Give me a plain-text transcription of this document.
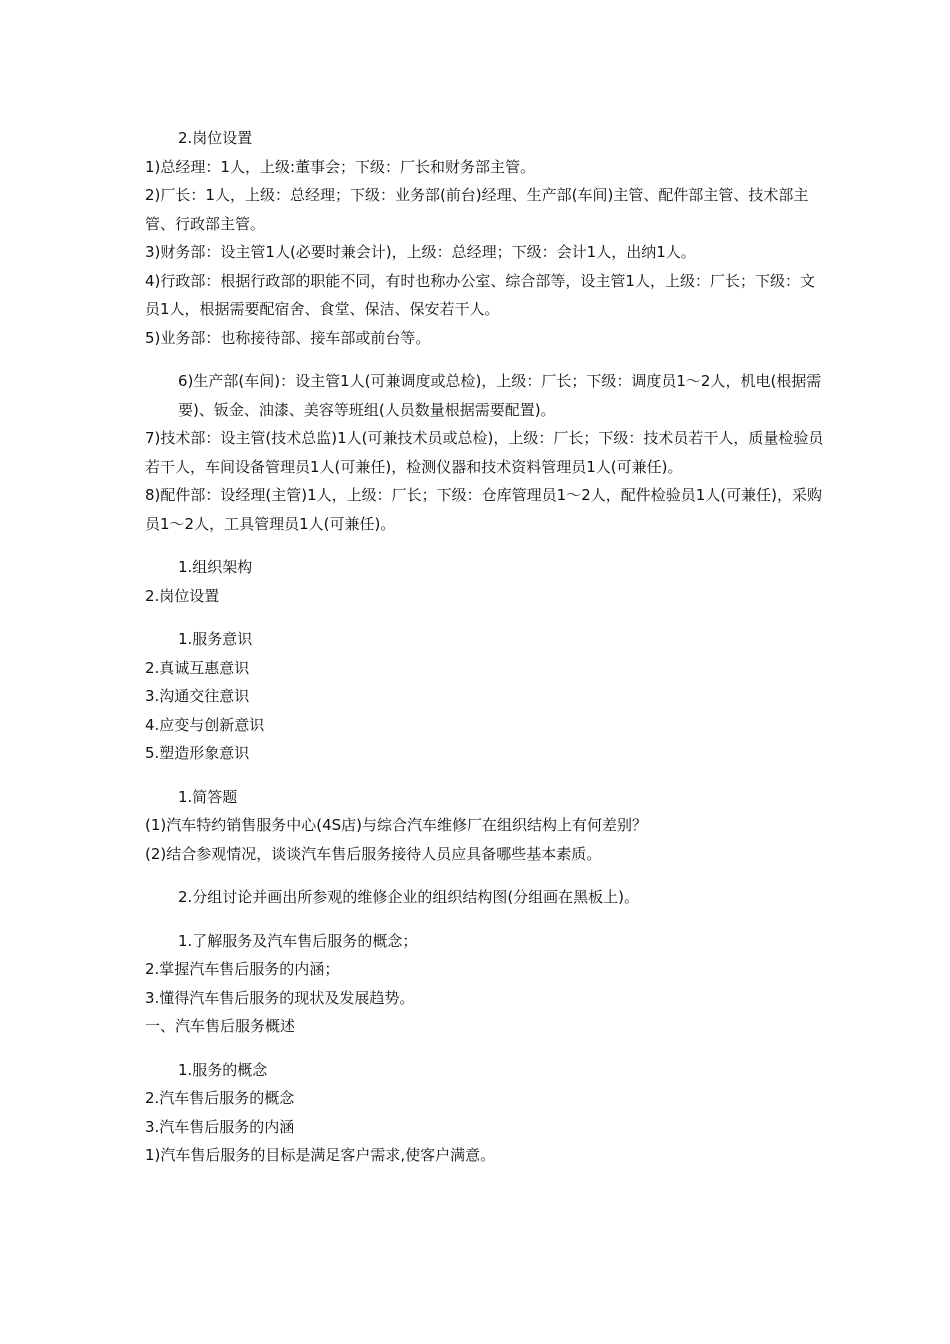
2.岗位设置

1)总经理：1人，上级:董事会；下级：厂长和财务部主管。

2)厂长：1人，上级：总经理；下级：业务部(前台)经理、生产部(车间)主管、配件部主管、技术部主管、行政部主管。

3)财务部：设主管1人(必要时兼会计)，上级：总经理；下级：会计1人，出纳1人。

4)行政部：根据行政部的职能不同，有时也称办公室、综合部等，设主管1人，上级：厂长；下级：文员1人，根据需要配宿舍、食堂、保洁、保安若干人。

5)业务部：也称接待部、接车部或前台等。

6)生产部(车间)：设主管1人(可兼调度或总检)，上级：厂长；下级：调度员1～2人，机电(根据需要)、钣金、油漆、美容等班组(人员数量根据需要配置)。

7)技术部：设主管(技术总监)1人(可兼技术员或总检)，上级：厂长；下级：技术员若干人，质量检验员若干人，车间设备管理员1人(可兼任)，检测仪器和技术资料管理员1人(可兼任)。

8)配件部：设经理(主管)1人，上级：厂长；下级：仓库管理员1～2人，配件检验员1人(可兼任)，采购员1～2人，工具管理员1人(可兼任)。

1.组织架构

2.岗位设置

1.服务意识

2.真诚互惠意识

3.沟通交往意识

4.应变与创新意识

5.塑造形象意识

1.简答题

(1)汽车特约销售服务中心(4S店)与综合汽车维修厂在组织结构上有何差别？

(2)结合参观情况，谈谈汽车售后服务接待人员应具备哪些基本素质。

2.分组讨论并画出所参观的维修企业的组织结构图(分组画在黑板上)。

1.了解服务及汽车售后服务的概念；

2.掌握汽车售后服务的内涵；

3.懂得汽车售后服务的现状及发展趋势。

一、汽车售后服务概述

1.服务的概念

2.汽车售后服务的概念

3.汽车售后服务的内涵

1)汽车售后服务的目标是满足客户需求,使客户满意。
